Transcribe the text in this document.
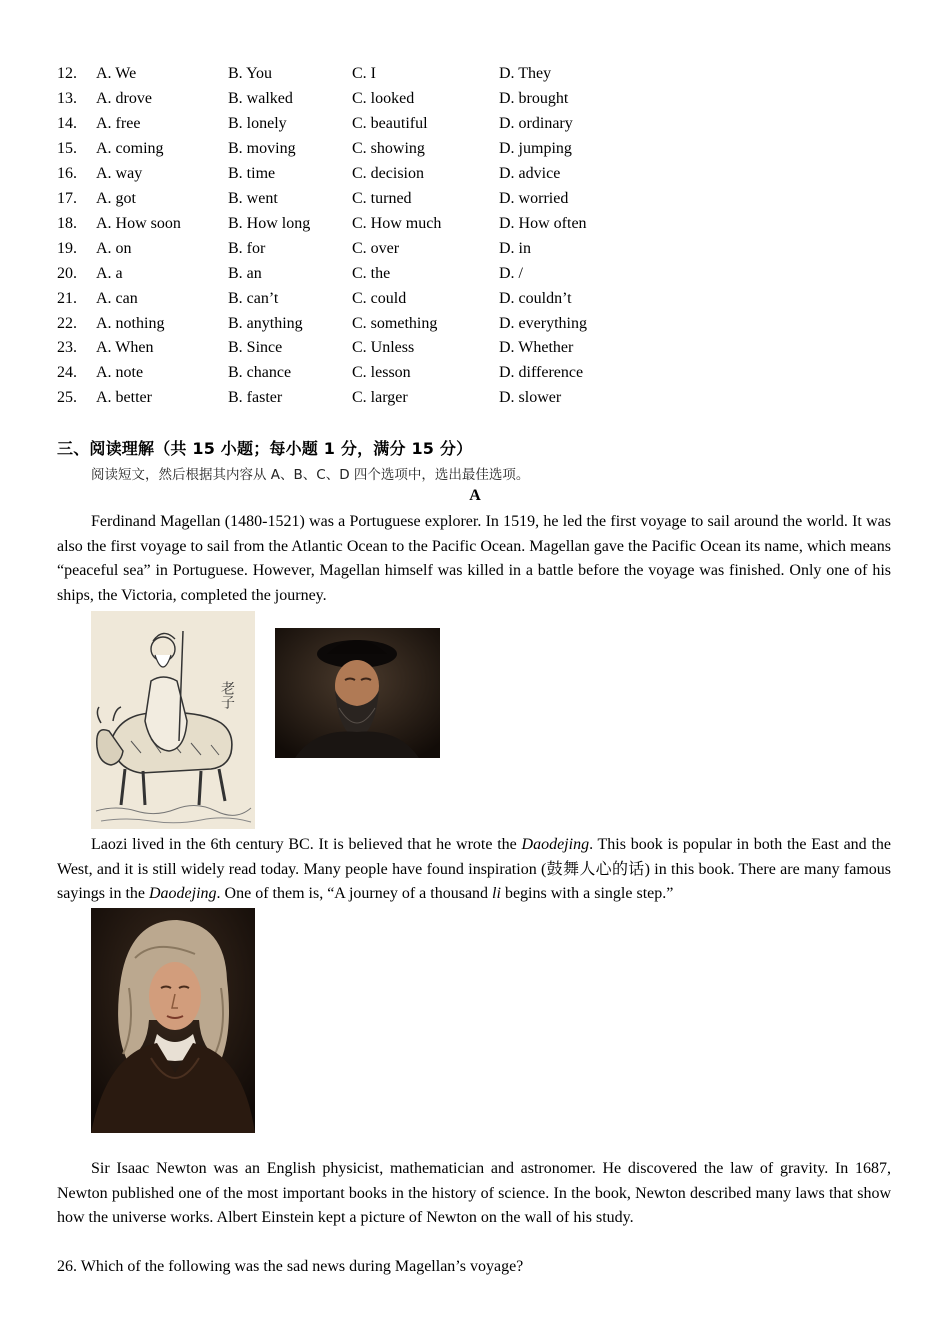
12. A. We	B. You	C. I	D. They
13. A. drove	B. walked	C. looked	D. brought
14. A. free	B. lonely	C. beautiful	D. ordinary
15. A. coming	B. moving	C. showing	D. jumping
16. A. way	B. time	C. decision	D. advice
17. A. got	B. went	C. turned	D. worried
18. A. How soon	B. How long	C. How much	D. How often
19. A. on	B. for	C. over	D. in
20. A. a	B. an	C. the	D. /
21. A. can	B. can’t	C. could	D. couldn’t
22. A. nothing	B. anything	C. something	D. everything
23. A. When	B. Since	C. Unless	D. Whether
24. A. note	B. chance	C. lesson	D. difference
25. A. better	B. faster	C. larger	D. slower
三、阅读理解（共 15 小题；每小题 1 分，满分 15 分）
阅读短文，然后根据其内容从 A、B、C、D 四个选项中，选出最佳选项。
A
Ferdinand Magellan (1480-1521) was a Portuguese explorer. In 1519, he led the first voyage to sail around the world. It was also the first voyage to sail from the Atlantic Ocean to the Pacific Ocean. Magellan gave the Pacific Ocean its name, which means “peaceful sea” in Portuguese. However, Magellan himself was killed in a battle before the voyage was finished. Only one of his ships, the Victoria, completed the journey.
老子
Laozi lived in the 6th century BC. It is believed that he wrote the Daodejing. This book is popular in both the East and the West, and it is still widely read today. Many people have found inspiration (鼓舞人心的话) in this book. There are many famous sayings in the Daodejing. One of them is, “A journey of a thousand li begins with a single step.”
Sir Isaac Newton was an English physicist, mathematician and astronomer. He discovered the law of gravity. In 1687, Newton published one of the most important books in the history of science. In the book, Newton described many laws that show how the universe works. Albert Einstein kept a picture of Newton on the wall of his study.
26. Which of the following was the sad news during Magellan’s voyage?
